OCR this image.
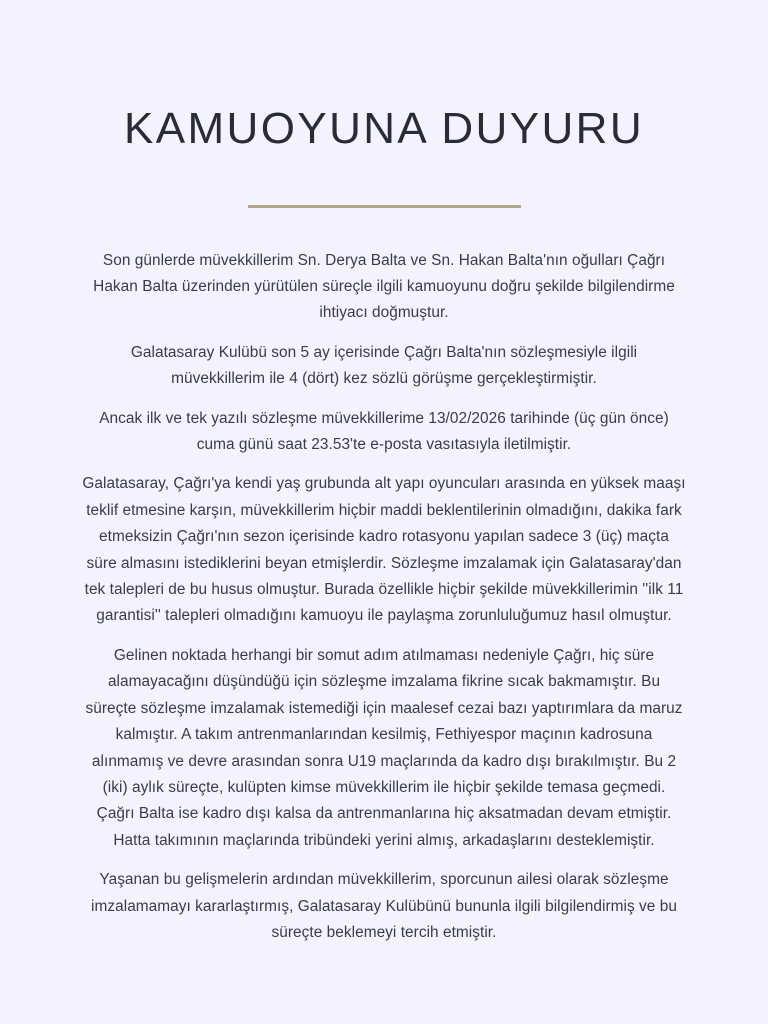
KAMUOYUNA DUYURU

Son günlerde müvekkillerim Sn. Derya Balta ve Sn. Hakan Balta'nın oğulları Çağrı Hakan Balta üzerinden yürütülen süreçle ilgili kamuoyunu doğru şekilde bilgilendirme ihtiyacı doğmuştur.

Galatasaray Kulübü son 5 ay içerisinde Çağrı Balta'nın sözleşmesiyle ilgili müvekkillerim ile 4 (dört) kez sözlü görüşme gerçekleştirmiştir.

Ancak ilk ve tek yazılı sözleşme müvekkillerime 13/02/2026 tarihinde (üç gün önce) cuma günü saat 23.53'te e-posta vasıtasıyla iletilmiştir.

Galatasaray, Çağrı'ya kendi yaş grubunda alt yapı oyuncuları arasında en yüksek maaşı teklif etmesine karşın, müvekkillerim hiçbir maddi beklentilerinin olmadığını, dakika fark etmeksizin Çağrı'nın sezon içerisinde kadro rotasyonu yapılan sadece 3 (üç) maçta süre almasını istediklerini beyan etmişlerdir. Sözleşme imzalamak için Galatasaray'dan tek talepleri de bu husus olmuştur. Burada özellikle hiçbir şekilde müvekkillerimin ''ilk 11 garantisi'' talepleri olmadığını kamuoyu ile paylaşma zorunluluğumuz hasıl olmuştur.

Gelinen noktada herhangi bir somut adım atılmaması nedeniyle Çağrı, hiç süre alamayacağını düşündüğü için sözleşme imzalama fikrine sıcak bakmamıştır. Bu süreçte sözleşme imzalamak istemediği için maalesef cezai bazı yaptırımlara da maruz kalmıştır. A takım antrenmanlarından kesilmiş, Fethiyespor maçının kadrosuna alınmamış ve devre arasından sonra U19 maçlarında da kadro dışı bırakılmıştır. Bu 2 (iki) aylık süreçte, kulüpten kimse müvekkillerim ile hiçbir şekilde temasa geçmedi. Çağrı Balta ise kadro dışı kalsa da antrenmanlarına hiç aksatmadan devam etmiştir. Hatta takımının maçlarında tribündeki yerini almış, arkadaşlarını desteklemiştir.

Yaşanan bu gelişmelerin ardından müvekkillerim, sporcunun ailesi olarak sözleşme imzalamamayı kararlaştırmış, Galatasaray Kulübünü bununla ilgili bilgilendirmiş ve bu süreçte beklemeyi tercih etmiştir.
